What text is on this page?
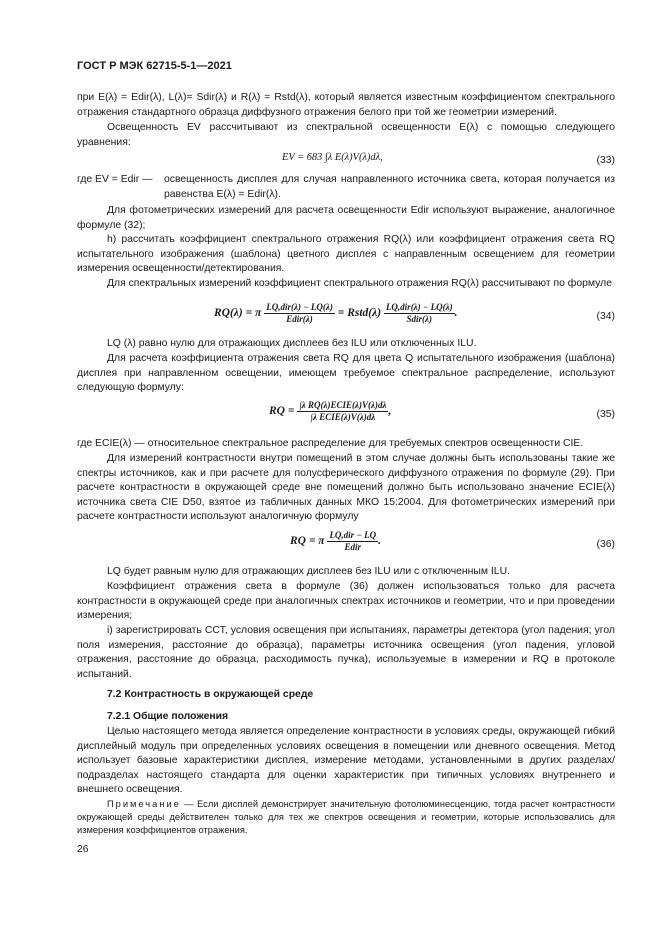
ГОСТ Р МЭК 62715-5-1—2021
при E(λ) = Edir(λ), L(λ)= Sdir(λ) и R(λ) = Rstd(λ), который является известным коэффициентом спектрального отражения стандартного образца диффузного отражения белого при той же геометрии измерений.
Освещенность EV рассчитывают из спектральной освещенности E(λ) с помощью следующего уравнения:
EV = 683 ∫λ E(λ)V(λ)dλ,	(33)
где EV = Edir — освещенность дисплея для случая направленного источника света, которая получается из равенства E(λ) = Edir(λ).
Для фотометрических измерений для расчета освещенности Edir используют выражение, аналогичное формуле (32);
h) рассчитать коэффициент спектрального отражения RQ(λ) или коэффициент отражения света RQ испытательного изображения (шаблона) цветного дисплея с направленным освещением для геометрии измерения освещенности/детектирования.
Для спектральных измерений коэффициент спектрального отражения RQ(λ) рассчитывают по формуле
RQ(λ) = π
LQ,dir(λ) − LQ(λ)
Edir(λ)	= Rstd(λ)
LQ,dir(λ) − LQ(λ)
Sdir(λ)	.	(34)
LQ (λ) равно нулю для отражающих дисплеев без ILU или отключенных ILU.
Для расчета коэффициента отражения света RQ для цвета Q испытательного изображения (шаблона) дисплея при направленном освещении, имеющем требуемое спектральное распределение, используют следующую формулу:
RQ =
∫λ RQ(λ)ECIE(λ)V(λ)dλ
∫λ ECIE(λ)V(λ)dλ	,	(35)
где ECIE(λ) — относительное спектральное распределение для требуемых спектров освещенности CIE.
Для измерений контрастности внутри помещений в этом случае должны быть использованы такие же спектры источников, как и при расчете для полусферического диффузного отражения по формуле (29). При расчете контрастности в окружающей среде вне помещений должно быть использовано значение ECIE(λ) источника света CIE D50, взятое из табличных данных МКО 15:2004. Для фотометрических измерений при расчете контрастности используют аналогичную формулу
RQ = π
LQ,dir − LQ
Edir	.	(36)
LQ будет равным нулю для отражающих дисплеев без ILU или с отключенным ILU.
Коэффициент отражения света в формуле (36) должен использоваться только для расчета контрастности в окружающей среде при аналогичных спектрах источников и геометрии, что и при проведении измерения;
i) зарегистрировать ССТ, условия освещения при испытаниях, параметры детектора (угол падения; угол поля измерения, расстояние до образца), параметры источника освещения (угол падения, угловой отражения, расстояние до образца, расходимость пучка), используемые в измерении и RQ в протоколе испытаний.
7.2 Контрастность в окружающей среде
7.2.1 Общие положения
Целью настоящего метода является определение контрастности в условиях среды, окружающей гибкий дисплейный модуль при определенных условиях освещения в помещении или дневного освещения. Метод использует базовые характеристики дисплея, измерение методами, установленными в других разделах/подразделах настоящего стандарта для оценки характеристик при типичных условиях внутреннего и внешнего освещения.
Примечание — Если дисплей демонстрирует значительную фотолюминесценцию, тогда расчет контрастности окружающей среды действителен только для тех же спектров освещения и геометрии, которые использовались для измерения коэффициентов отражения.
26
